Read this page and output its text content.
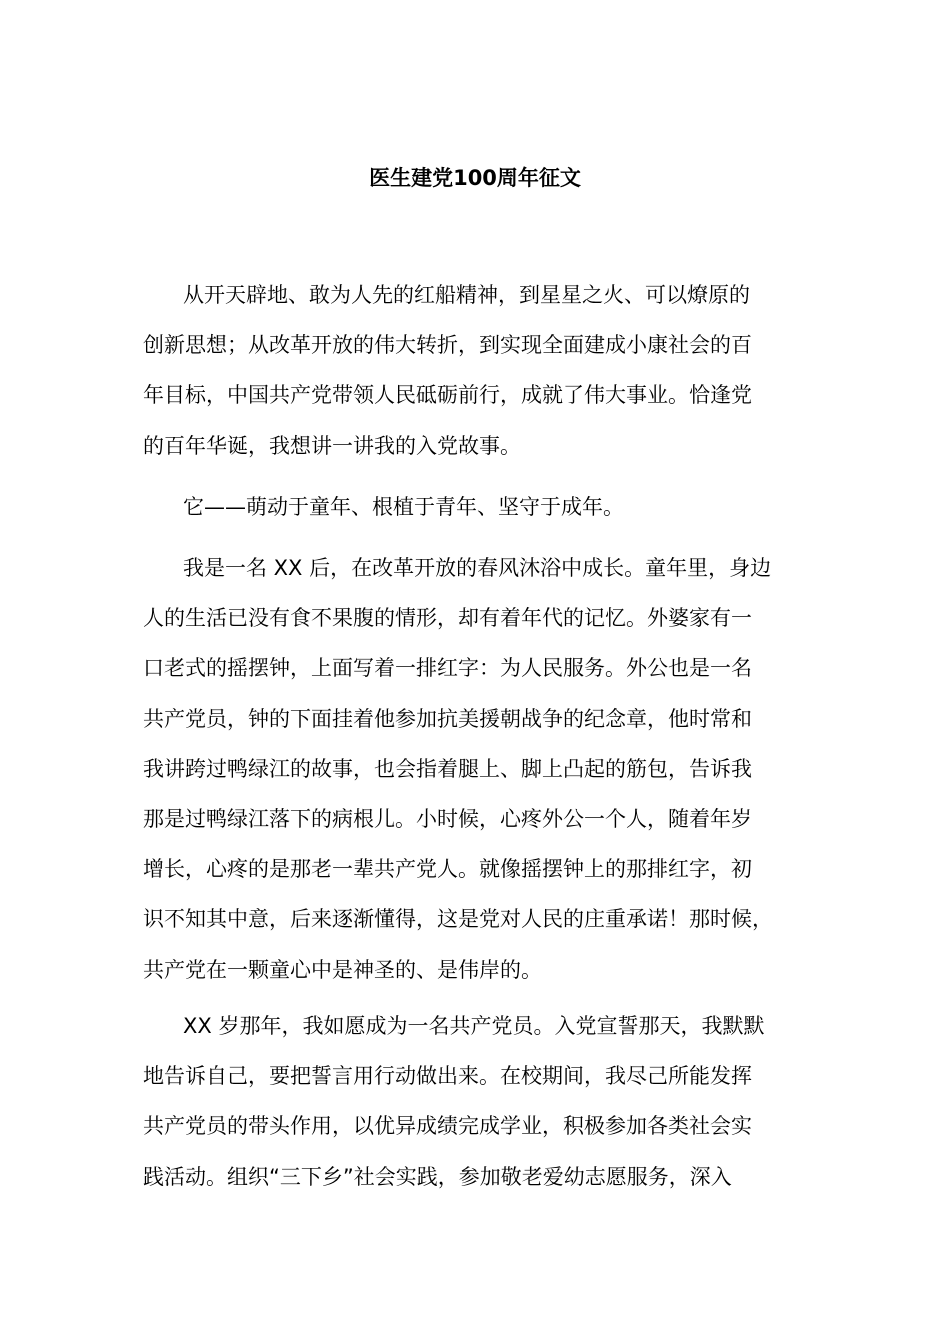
医生建党100周年征文
从开天辟地、敢为人先的红船精神，到星星之火、可以燎原的
创新思想；从改革开放的伟大转折，到实现全面建成小康社会的百
年目标，中国共产党带领人民砥砺前行，成就了伟大事业。恰逢党
的百年华诞，我想讲一讲我的入党故事。
它——萌动于童年、根植于青年、坚守于成年。
我是一名 XX 后，在改革开放的春风沐浴中成长。童年里，身边
人的生活已没有食不果腹的情形，却有着年代的记忆。外婆家有一
口老式的摇摆钟，上面写着一排红字：为人民服务。外公也是一名
共产党员，钟的下面挂着他参加抗美援朝战争的纪念章，他时常和
我讲跨过鸭绿江的故事，也会指着腿上、脚上凸起的筋包，告诉我
那是过鸭绿江落下的病根儿。小时候，心疼外公一个人，随着年岁
增长，心疼的是那老一辈共产党人。就像摇摆钟上的那排红字，初
识不知其中意，后来逐渐懂得，这是党对人民的庄重承诺！那时候，
共产党在一颗童心中是神圣的、是伟岸的。
XX 岁那年，我如愿成为一名共产党员。入党宣誓那天，我默默
地告诉自己，要把誓言用行动做出来。在校期间，我尽己所能发挥
共产党员的带头作用，以优异成绩完成学业，积极参加各类社会实
践活动。组织“三下乡”社会实践，参加敬老爱幼志愿服务，深入
